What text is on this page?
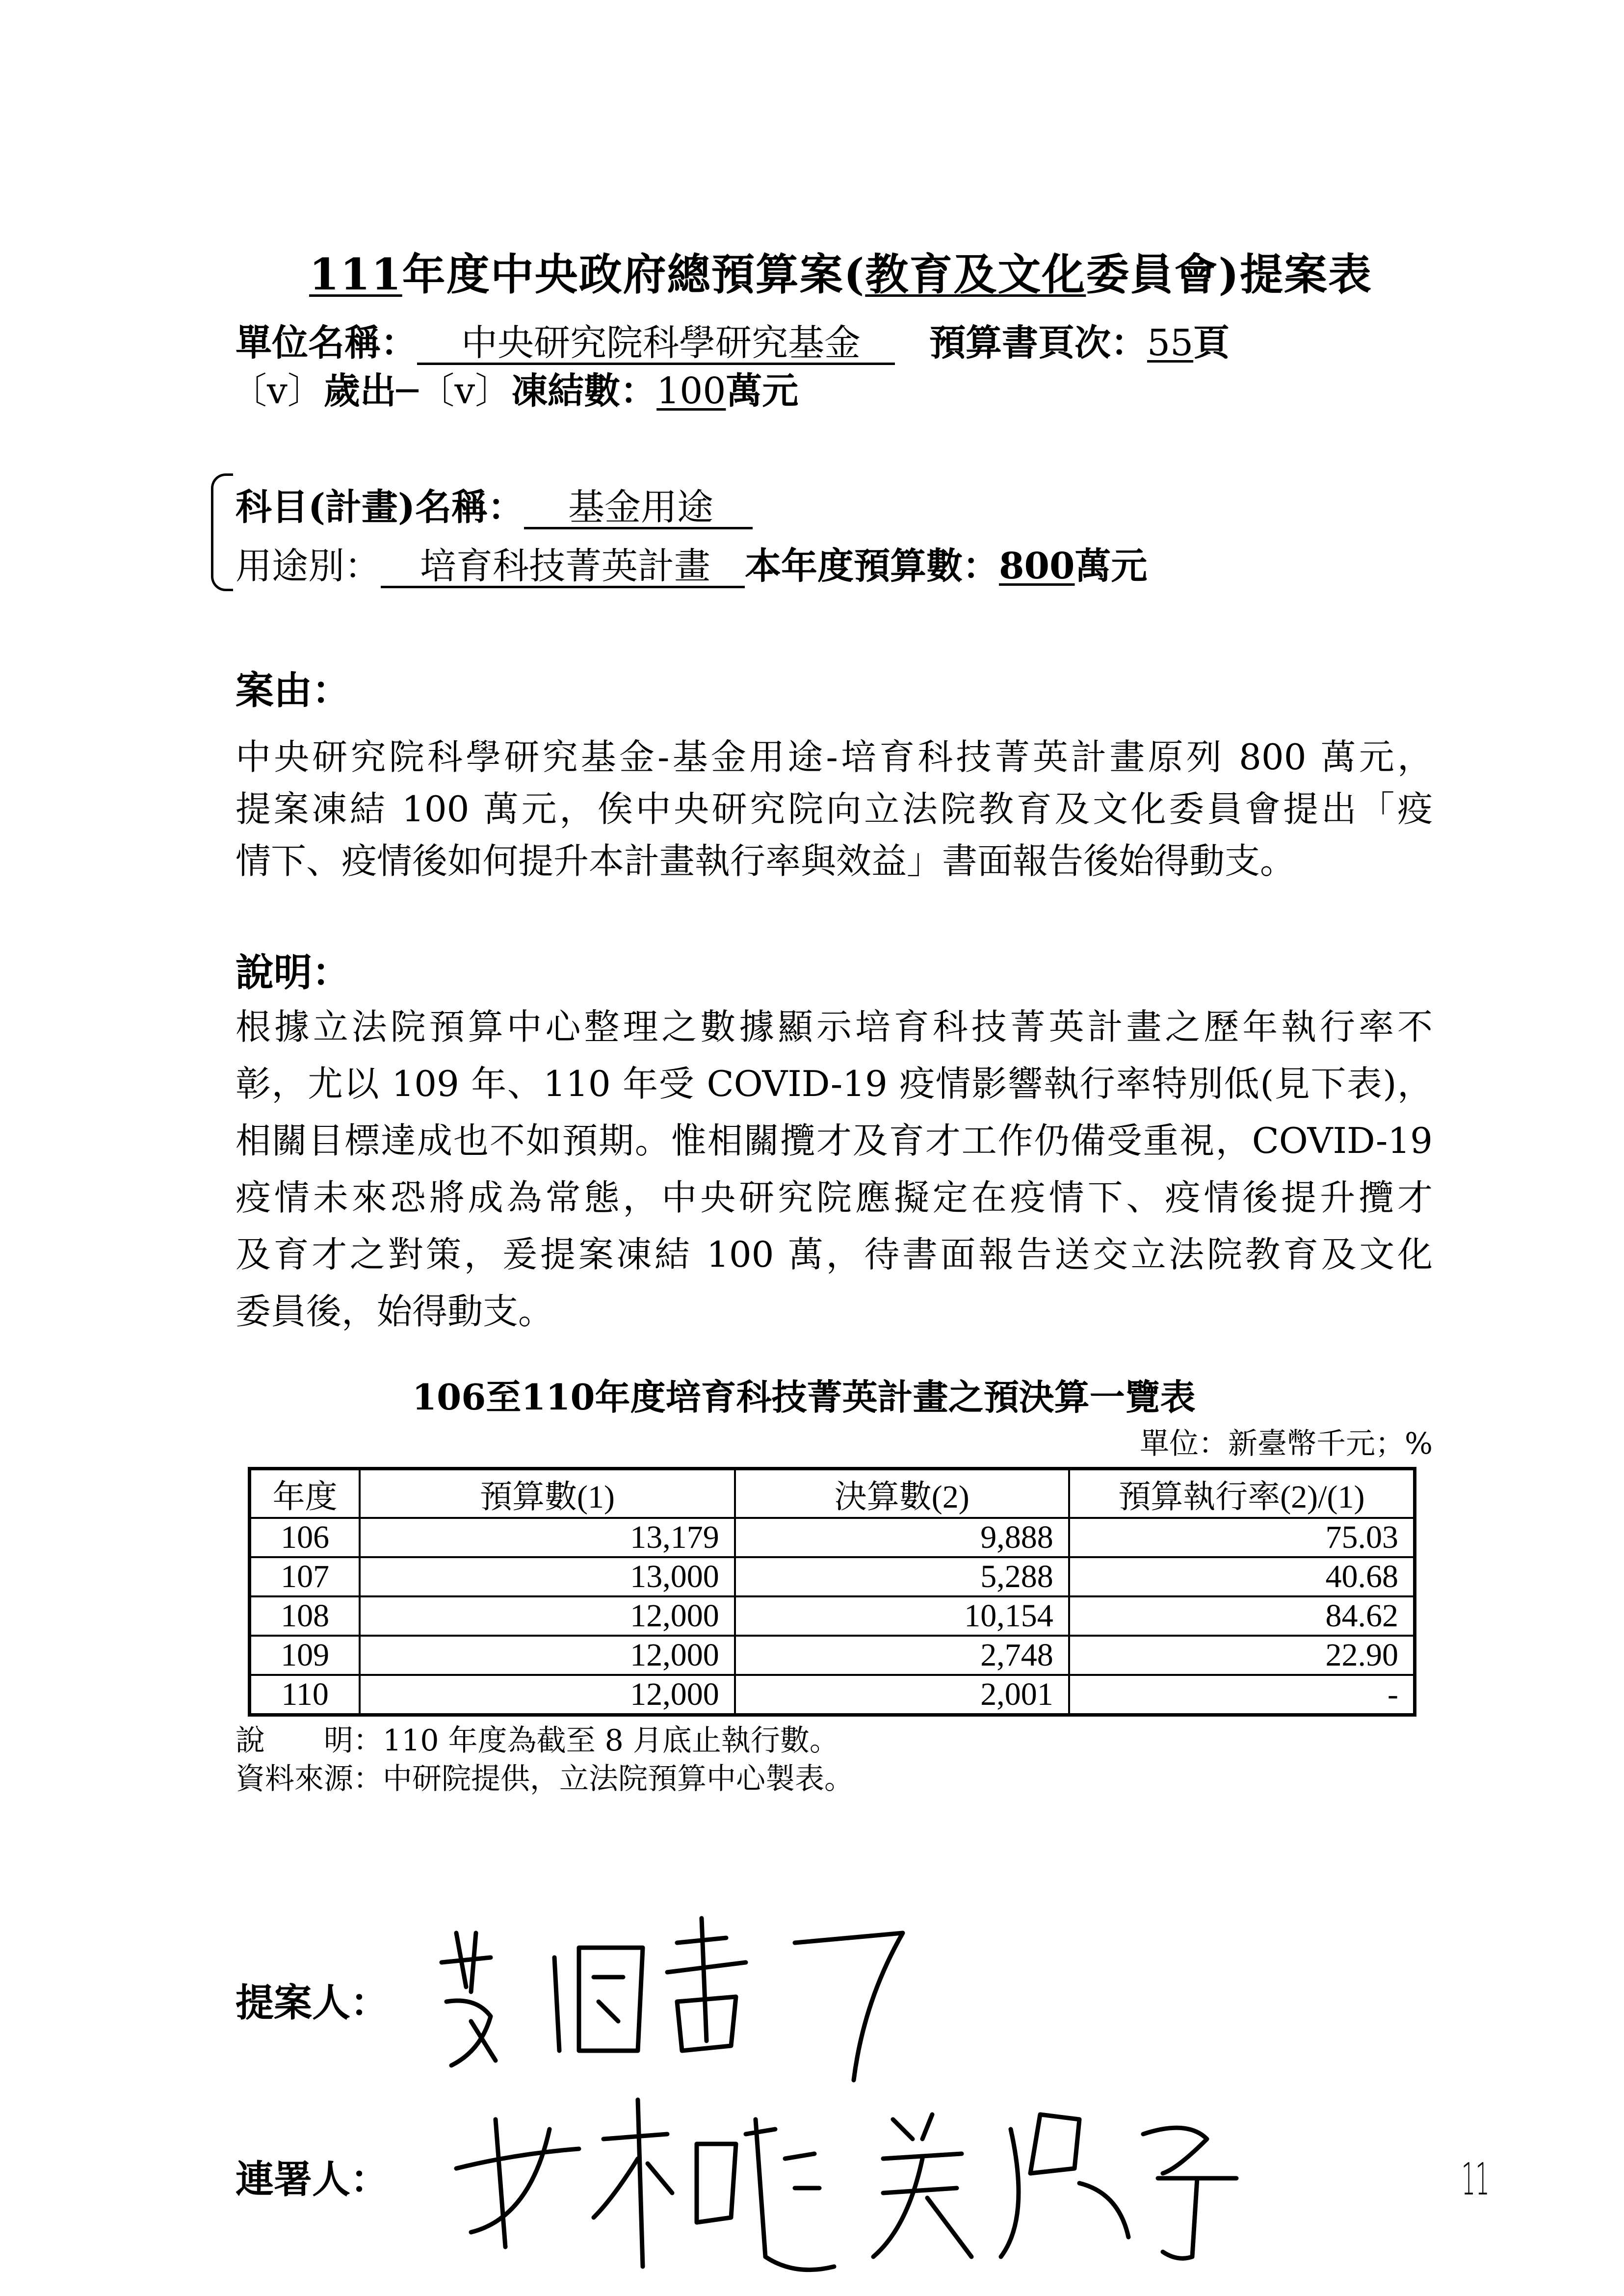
111年度中央政府總預算案(教育及文化委員會)提案表
單位名稱： 中央研究院科學研究基金 預算書頁次：55頁
〔v〕歲出─〔v〕凍結數：100萬元
科目(計畫)名稱： 基金用途
用途別： 培育科技菁英計畫 本年度預算數：800萬元
案由：
中央研究院科學研究基金-基金用途-培育科技菁英計畫原列 800 萬元，
提案凍結 100 萬元，俟中央研究院向立法院教育及文化委員會提出「疫
情下、疫情後如何提升本計畫執行率與效益」書面報告後始得動支。
說明：
根據立法院預算中心整理之數據顯示培育科技菁英計畫之歷年執行率不
彰，尤以 109 年、110 年受 COVID-19 疫情影響執行率特別低(見下表)，
相關目標達成也不如預期。惟相關攬才及育才工作仍備受重視，COVID-19
疫情未來恐將成為常態，中央研究院應擬定在疫情下、疫情後提升攬才
及育才之對策，爰提案凍結 100 萬，待書面報告送交立法院教育及文化
委員後，始得動支。
106至110年度培育科技菁英計畫之預決算一覽表
單位：新臺幣千元；%
年度	預算數(1)	決算數(2)	預算執行率(2)/(1)
106	13,179	9,888	75.03
107	13,000	5,288	40.68
108	12,000	10,154	84.62
109	12,000	2,748	22.90
110	12,000	2,001	-
說　　明：110 年度為截至 8 月底止執行數。
資料來源：中研院提供，立法院預算中心製表。
提案人：
連署人：	11
